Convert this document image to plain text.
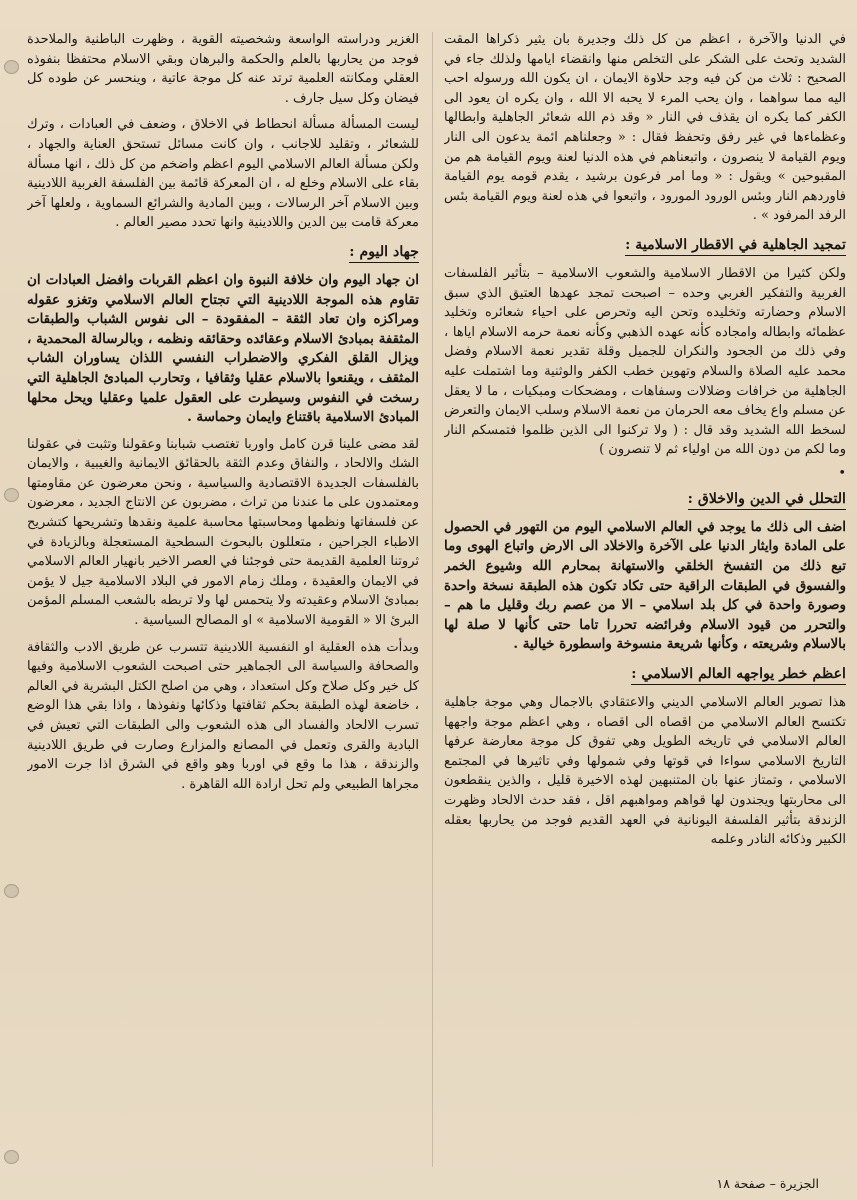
في الدنيا والآخرة ، اعظم من كل ذلك وجديرة بان يثير ذكراها المقت الشديد وتحث على الشكر على التخلص منها وانقضاء ايامها ولذلك جاء في الصحيح : ثلاث من كن فيه وجد حلاوة الايمان ، ان يكون الله ورسوله احب اليه مما سواهما ، وان يحب المرء لا يحبه الا الله ، وان يكره ان يعود الى الكفر كما يكره ان يقذف في النار « وقد ذم الله شعائر الجاهلية وابطالها وعظماءها في غير رفق وتحفظ فقال : « وجعلناهم ائمة يدعون الى النار ويوم القيامة لا ينصرون ، واتبعناهم في هذه الدنيا لعنة ويوم القيامة هم من المقبوحين » ويقول : « وما امر فرعون برشيد ، يقدم قومه يوم القيامة فاوردهم النار وبئس الورود المورود ، واتبعوا في هذه لعنة ويوم القيامة بئس الرفد المرفود » .

تمجيد الجاهلية في الاقطار الاسلامية :

ولكن كثيرا من الاقطار الاسلامية والشعوب الاسلامية – بتأثير الفلسفات الغربية والتفكير الغربي وحده – اصبحت تمجد عهدها العتيق الذي سبق الاسلام وحضارته وتخليده وتحن اليه وتحرص على احياء شعائره وتخليد عظمائه وابطاله وامجاده كأنه عهده الذهبي وكأنه نعمة حرمه الاسلام اياها ، وفي ذلك من الجحود والنكران للجميل وقلة تقدير نعمة الاسلام وفضل محمد عليه الصلاة والسلام وتهوين خطب الكفر والوثنية وما اشتملت عليه الجاهلية من خرافات وضلالات وسفاهات ، ومضحكات ومبكيات ، ما لا يعقل عن مسلم واع يخاف معه الحرمان من نعمة الاسلام وسلب الايمان والتعرض لسخط الله الشديد وقد قال : ( ولا تركنوا الى الذين ظلموا فتمسكم النار وما لكم من دون الله من اولياء ثم لا تنصرون )

•
التحلل في الدين والاخلاق :

اضف الى ذلك ما يوجد في العالم الاسلامي اليوم من التهور في الحصول على المادة وايثار الدنيا على الآخرة والاخلاد الى الارض واتباع الهوى وما تبع ذلك من التفسخ الخلقي والاستهانة بمحارم الله وشيوع الخمر والفسوق في الطبقات الراقية حتى تكاد تكون هذه الطبقة نسخة واحدة وصورة واحدة في كل بلد اسلامي – الا من عصم ربك وقليل ما هم – والتحرر من قيود الاسلام وفرائضه تحررا تاما حتى كأنها لا صلة لها بالاسلام وشريعته ، وكأنها شريعة منسوخة واسطورة خيالية .

اعظم خطر يواجهه العالم الاسلامي :

هذا تصوير العالم الاسلامي الديني والاعتقادي بالاجمال وهي موجة جاهلية تكتسح العالم الاسلامي من اقصاه الى اقصاه ، وهي اعظم موجة واجهها العالم الاسلامي في تاريخه الطويل وهي تفوق كل موجة معارضة عرفها التاريخ الاسلامي سواءا في قوتها وفي شمولها وفي تاثيرها في المجتمع الاسلامي ، وتمتاز عنها بان المتنبهين لهذه الاخيرة قليل ، والذين ينقطعون الى محاربتها ويجندون لها قواهم ومواهبهم اقل ، فقد حدث الالحاد وظهرت الزندقة بتأثير الفلسفة اليونانية في العهد القديم فوجد من يحاربها بعقله الكبير وذكائه النادر وعلمه

الغزير ودراسته الواسعة وشخصيته القوية ، وظهرت الباطنية والملاحدة فوجد من يحاربها بالعلم والحكمة والبرهان وبقي الاسلام محتفظا بنفوذه العقلي ومكانته العلمية ترتد عنه كل موجة عاتية ، وينحسر عن طوده كل فيضان وكل سيل جارف .

ليست المسألة مسألة انحطاط في الاخلاق ، وضعف في العبادات ، وترك للشعائر ، وتقليد للاجانب ، وان كانت مسائل تستحق العناية والجهاد ، ولكن مسألة العالم الاسلامي اليوم اعظم واضخم من كل ذلك ، انها مسألة بقاء على الاسلام وخلع له ، ان المعركة قائمة بين الفلسفة الغربية اللادينية وبين الاسلام آخر الرسالات ، وبين المادية والشرائع السماوية ، ولعلها آخر معركة قامت بين الدين واللادينية وانها تحدد مصير العالم .

جهاد اليوم :

ان جهاد اليوم وان خلافة النبوة وان اعظم القربات وافضل العبادات ان تقاوم هذه الموجة اللادينية التي تجتاح العالم الاسلامي وتغزو عقوله ومراكزه وان تعاد الثقة – المفقودة – الى نفوس الشباب والطبقات المثقفة بمبادئ الاسلام وعقائده وحقائقه ونظمه ، وبالرسالة المحمدية ، ويزال القلق الفكري والاضطراب النفسي اللذان يساوران الشاب المثقف ، ويقنعوا بالاسلام عقليا وثقافيا ، وتحارب المبادئ الجاهلية التي رسخت في النفوس وسيطرت على العقول علميا وعقليا ويحل محلها المبادئ الاسلامية باقتناع وايمان وحماسة .

لقد مضى علينا قرن كامل واوربا تغتصب شبابنا وعقولنا وتثبت في عقولنا الشك والالحاد ، والنفاق وعدم الثقة بالحقائق الايمانية والغيبية ، والايمان بالفلسفات الجديدة الاقتصادية والسياسية ، ونحن معرضون عن مقاومتها ومعتمدون على ما عندنا من تراث ، مضربون عن الانتاج الجديد ، معرضون عن فلسفاتها ونظمها ومحاسبتها محاسبة علمية ونقدها وتشريحها كتشريح الاطباء الجراحين ، متعللون بالبحوث السطحية المستعجلة وبالزيادة في ثروتنا العلمية القديمة حتى فوجئنا في العصر الاخير بانهيار العالم الاسلامي في الايمان والعقيدة ، وملك زمام الامور في البلاد الاسلامية جيل لا يؤمن بمبادئ الاسلام وعقيدته ولا يتحمس لها ولا تربطه بالشعب المسلم المؤمن البرئ الا « القومية الاسلامية » او المصالح السياسية .

وبدأت هذه العقلية او النفسية اللادينية تتسرب عن طريق الادب والثقافة والصحافة والسياسة الى الجماهير حتى اصبحت الشعوب الاسلامية وفيها كل خير وكل صلاح وكل استعداد ، وهي من اصلح الكتل البشرية في العالم ، خاضعة لهذه الطبقة بحكم ثقافتها وذكائها ونفوذها ، واذا بقي هذا الوضع تسرب الالحاد والفساد الى هذه الشعوب والى الطبقات التي تعيش في البادية والقرى وتعمل في المصانع والمزارع وصارت في طريق اللادينية والزندقة ، هذا ما وقع في اوربا وهو واقع في الشرق اذا جرت الامور مجراها الطبيعي ولم تحل ارادة الله القاهرة .

الجزيرة – صفحة ١٨
